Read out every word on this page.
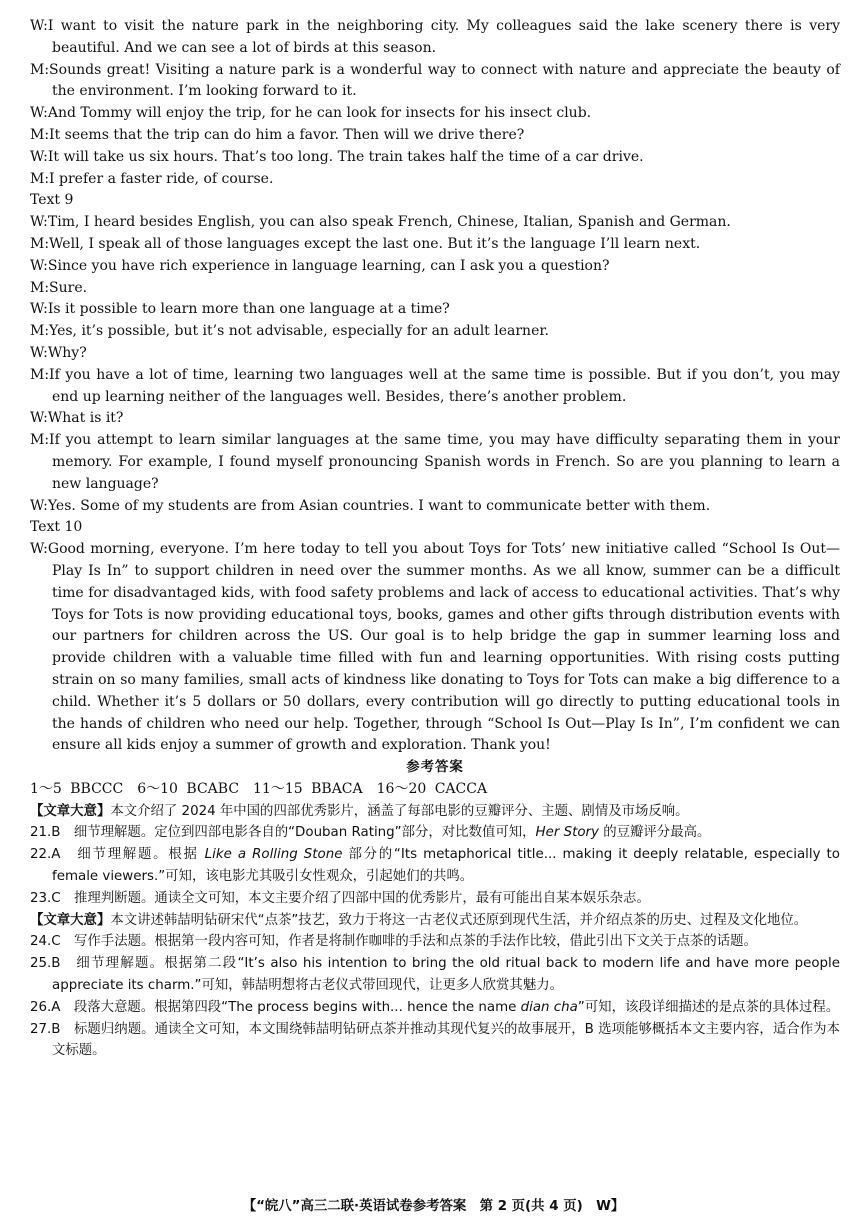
W:I want to visit the nature park in the neighboring city. My colleagues said the lake scenery there is very beautiful. And we can see a lot of birds at this season.

M:Sounds great! Visiting a nature park is a wonderful way to connect with nature and appreciate the beauty of the environment. I’m looking forward to it.

W:And Tommy will enjoy the trip, for he can look for insects for his insect club.

M:It seems that the trip can do him a favor. Then will we drive there?

W:It will take us six hours. That’s too long. The train takes half the time of a car drive.

M:I prefer a faster ride, of course.

Text 9

W:Tim, I heard besides English, you can also speak French, Chinese, Italian, Spanish and German.

M:Well, I speak all of those languages except the last one. But it’s the language I’ll learn next.

W:Since you have rich experience in language learning, can I ask you a question?

M:Sure.

W:Is it possible to learn more than one language at a time?

M:Yes, it’s possible, but it’s not advisable, especially for an adult learner.

W:Why?

M:If you have a lot of time, learning two languages well at the same time is possible. But if you don’t, you may end up learning neither of the languages well. Besides, there’s another problem.

W:What is it?

M:If you attempt to learn similar languages at the same time, you may have difficulty separating them in your memory. For example, I found myself pronouncing Spanish words in French. So are you planning to learn a new language?

W:Yes. Some of my students are from Asian countries. I want to communicate better with them.

Text 10

W:Good morning, everyone. I’m here today to tell you about Toys for Tots’ new initiative called “School Is Out—Play Is In” to support children in need over the summer months. As we all know, summer can be a difficult time for disadvantaged kids, with food safety problems and lack of access to educational activities. That’s why Toys for Tots is now providing educational toys, books, games and other gifts through distribution events with our partners for children across the US. Our goal is to help bridge the gap in summer learning loss and provide children with a valuable time filled with fun and learning opportunities. With rising costs putting strain on so many families, small acts of kindness like donating to Toys for Tots can make a big difference to a child. Whether it’s 5 dollars or 50 dollars, every contribution will go directly to putting educational tools in the hands of children who need our help. Together, through “School Is Out—Play Is In”, I’m confident we can ensure all kids enjoy a summer of growth and exploration. Thank you!

参考答案

1～5 BBCCC　6～10 BCABC　11～15 BBACA　16～20 CACCA

【文章大意】本文介绍了 2024 年中国的四部优秀影片，涵盖了每部电影的豆瓣评分、主题、剧情及市场反响。

21.B　细节理解题。定位到四部电影各自的“Douban Rating”部分，对比数值可知，Her Story 的豆瓣评分最高。

22.A　细节理解题。根据 Like a Rolling Stone 部分的“Its metaphorical title... making it deeply relatable, especially to female viewers.”可知，该电影尤其吸引女性观众，引起她们的共鸣。

23.C　推理判断题。通读全文可知，本文主要介绍了四部中国的优秀影片，最有可能出自某本娱乐杂志。

【文章大意】本文讲述韩喆明钻研宋代“点茶”技艺，致力于将这一古老仪式还原到现代生活，并介绍点茶的历史、过程及文化地位。

24.C　写作手法题。根据第一段内容可知，作者是将制作咖啡的手法和点茶的手法作比较，借此引出下文关于点茶的话题。

25.B　细节理解题。根据第二段“It’s also his intention to bring the old ritual back to modern life and have more people appreciate its charm.”可知，韩喆明想将古老仪式带回现代，让更多人欣赏其魅力。

26.A　段落大意题。根据第四段“The process begins with... hence the name dian cha”可知，该段详细描述的是点茶的具体过程。

27.B　标题归纳题。通读全文可知，本文围绕韩喆明钻研点茶并推动其现代复兴的故事展开，B 选项能够概括本文主要内容，适合作为本文标题。

【“皖八”高三二联·英语试卷参考答案　第 2 页(共 4 页)　W】
